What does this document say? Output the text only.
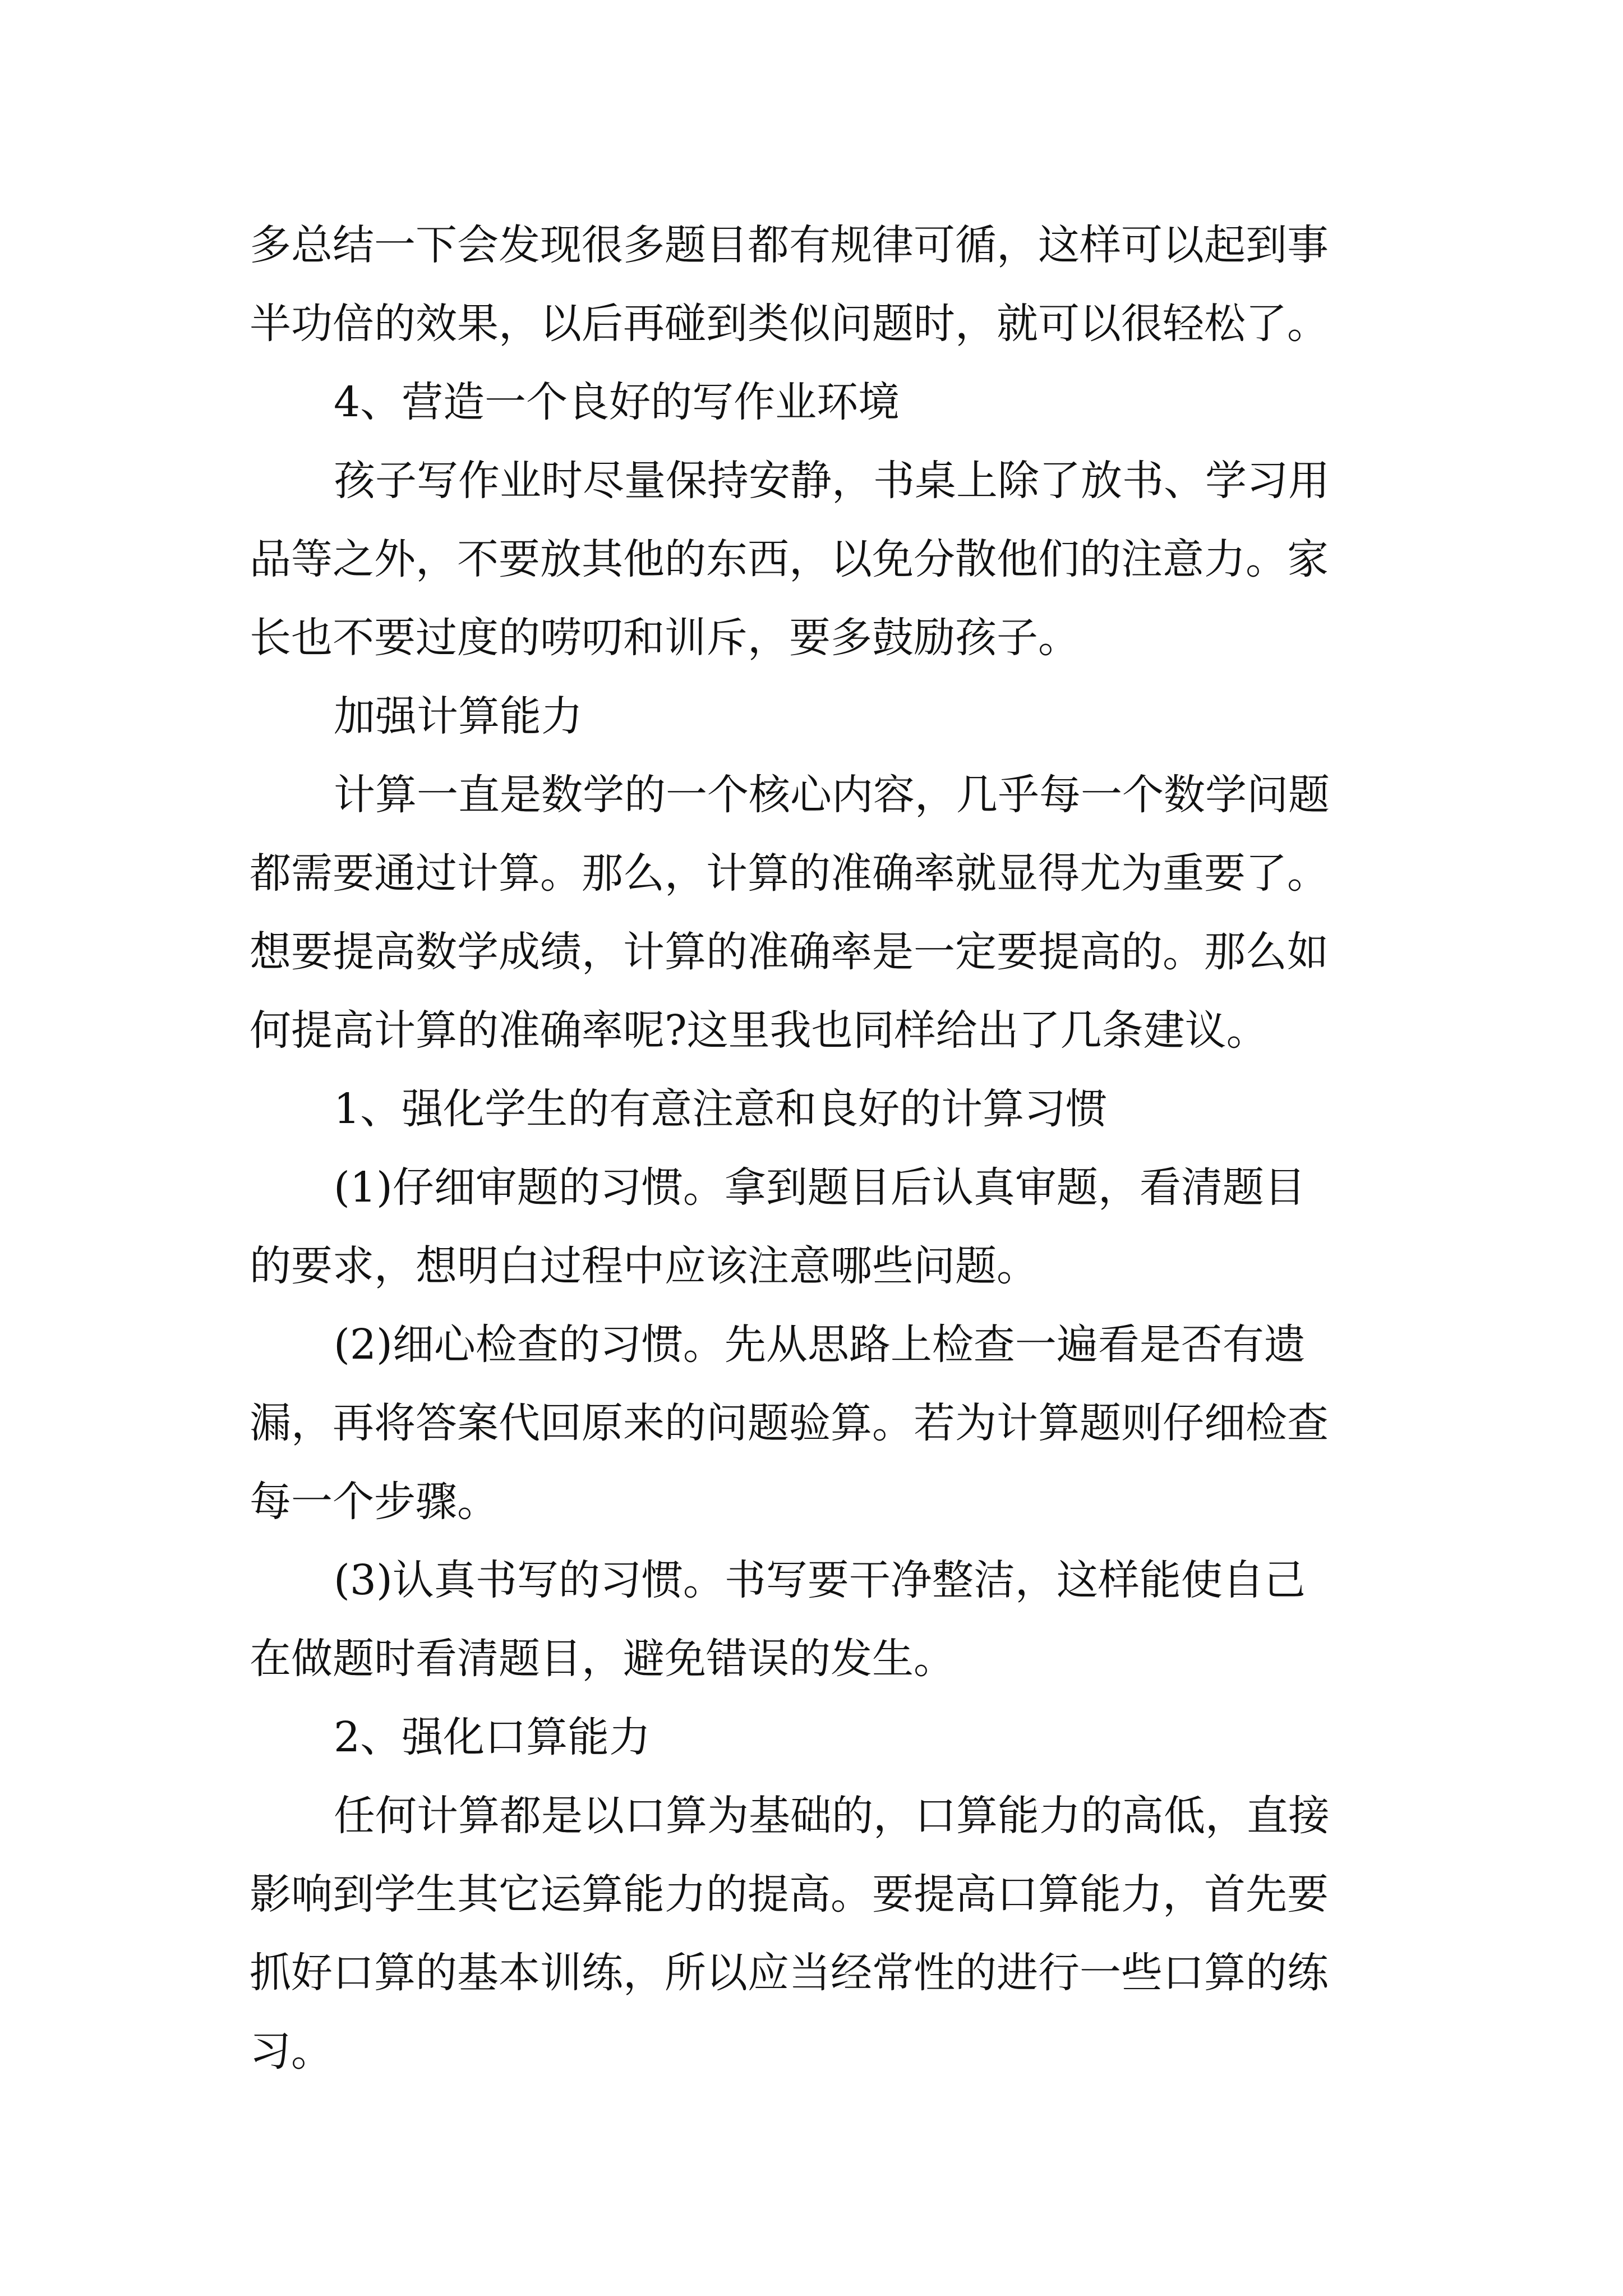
多总结一下会发现很多题目都有规律可循，这样可以起到事
半功倍的效果，以后再碰到类似问题时，就可以很轻松了。
4、营造一个良好的写作业环境
孩子写作业时尽量保持安静，书桌上除了放书、学习用
品等之外，不要放其他的东西，以免分散他们的注意力。家
长也不要过度的唠叨和训斥，要多鼓励孩子。
加强计算能力
计算一直是数学的一个核心内容，几乎每一个数学问题
都需要通过计算。那么，计算的准确率就显得尤为重要了。
想要提高数学成绩，计算的准确率是一定要提高的。那么如
何提高计算的准确率呢?这里我也同样给出了几条建议。
1、强化学生的有意注意和良好的计算习惯
(1)仔细审题的习惯。拿到题目后认真审题，看清题目
的要求，想明白过程中应该注意哪些问题。
(2)细心检查的习惯。先从思路上检查一遍看是否有遗
漏，再将答案代回原来的问题验算。若为计算题则仔细检查
每一个步骤。
(3)认真书写的习惯。书写要干净整洁，这样能使自己
在做题时看清题目，避免错误的发生。
2、强化口算能力
任何计算都是以口算为基础的，口算能力的高低，直接
影响到学生其它运算能力的提高。要提高口算能力，首先要
抓好口算的基本训练，所以应当经常性的进行一些口算的练
习。
